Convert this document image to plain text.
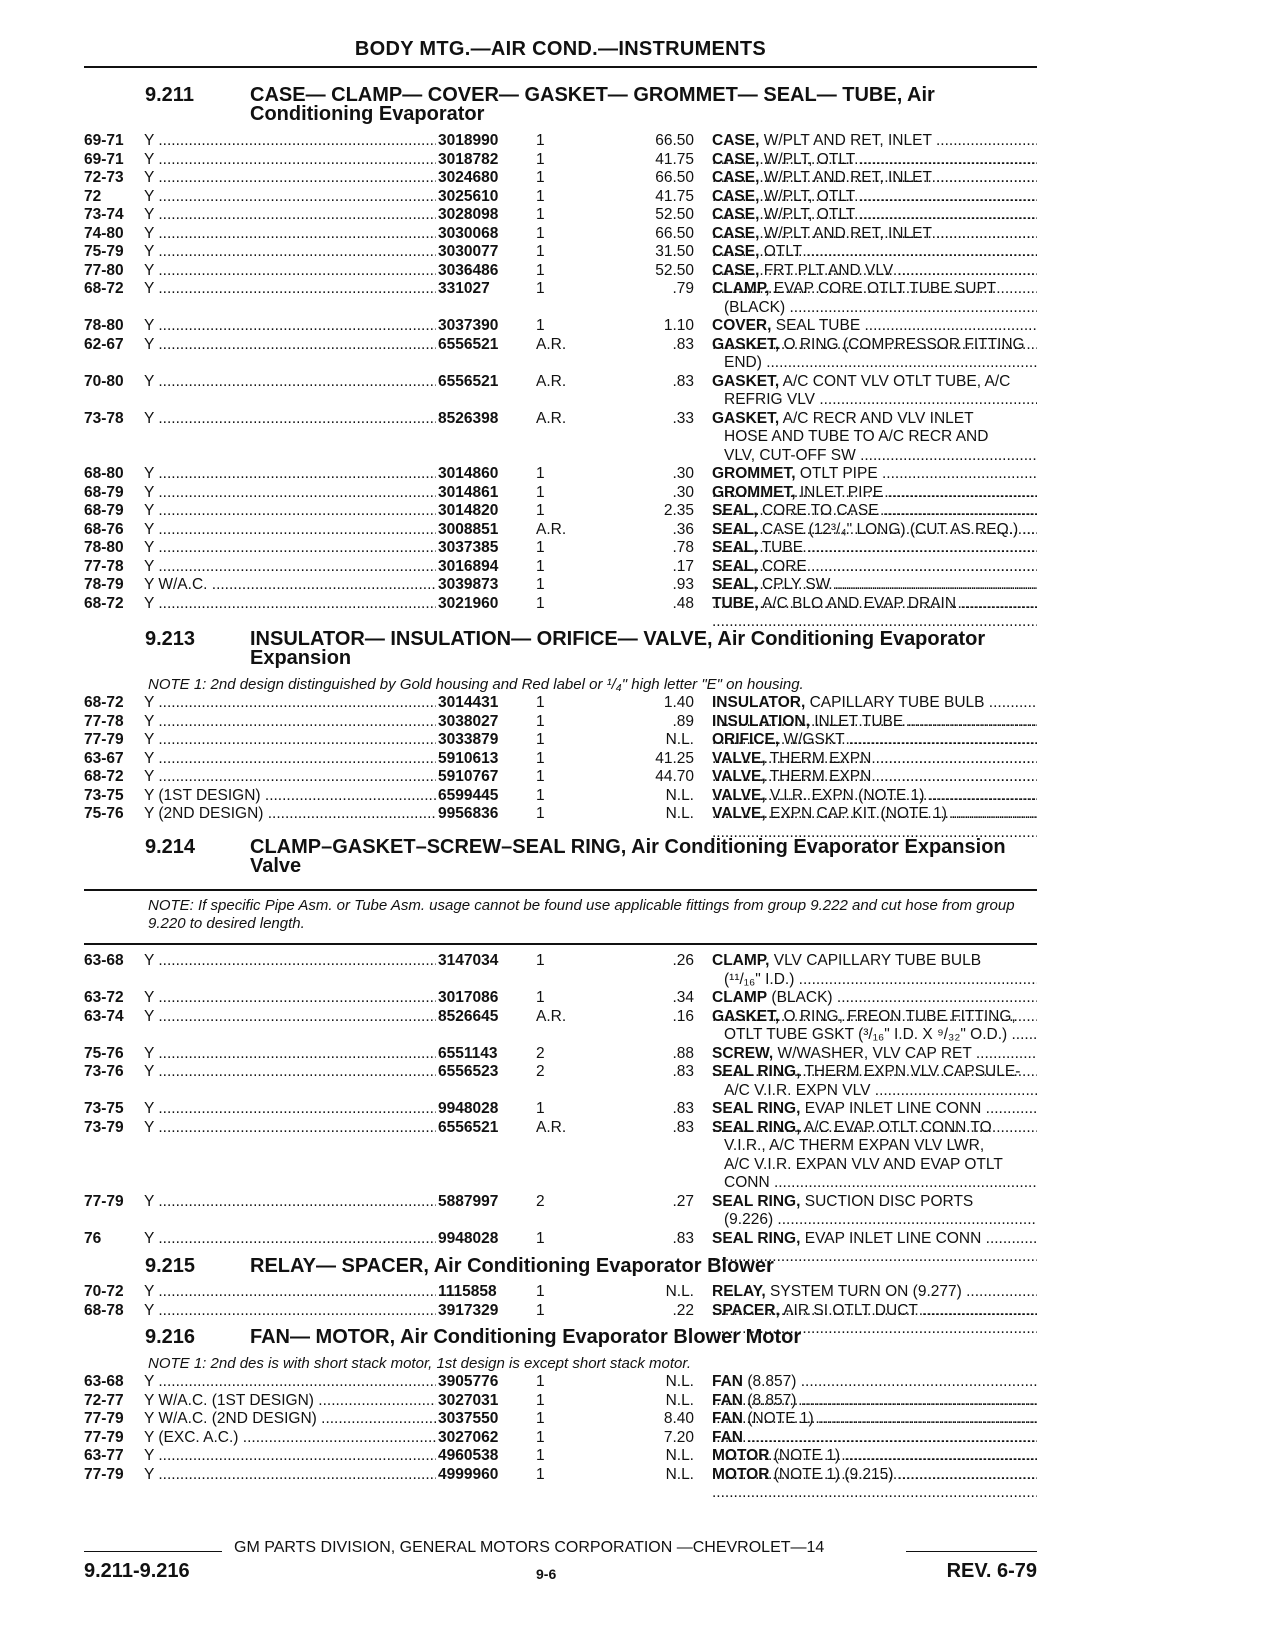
BODY MTG.—AIR COND.—INSTRUMENTS
9.211	CASE— CLAMP— COVER— GASKET— GROMMET— SEAL— TUBE, Air Conditioning Evaporator
69-71 Y .....	3018990	1	66.50 CASE, W/PLT AND RET, INLET .....
.....
69-71 Y .....	3018782	1	41.75 CASE, W/PLT, OTLT .....
.....
72-73 Y .....	3024680	1	66.50 CASE, W/PLT AND RET, INLET .....
.....
72	Y .....	3025610	1	41.75 CASE, W/PLT, OTLT .....
.....
73-74 Y .....	3028098	1	52.50 CASE, W/PLT, OTLT .....
.....
74-80 Y .....	3030068	1	66.50 CASE, W/PLT AND RET, INLET .....
.....
75-79 Y .....	3030077	1	31.50 CASE, OTLT .....
.....
77-80 Y .....	3036486	1	52.50 CASE, FRT PLT AND VLV .....
.....
68-72 Y .....	331027	1	.79 CLAMP, EVAP CORE OTLT TUBE SUPT
(BLACK) .....
78-80 Y .....	3037390	1	1.10 COVER, SEAL TUBE .....
.....
62-67 Y .....	6556521	A.R.	.83 GASKET, O RING (COMPRESSOR FITTING
END) .....
70-80 Y .....	6556521	A.R.	.83 GASKET, A/C CONT VLV OTLT TUBE, A/C
REFRIG VLV .....
73-78 Y .....	8526398	A.R.	.33 GASKET, A/C RECR AND VLV INLET
HOSE AND TUBE TO A/C RECR AND
VLV, CUT-OFF SW .....
68-80 Y .....	3014860	1	.30 GROMMET, OTLT PIPE .....
.....
68-79 Y .....	3014861	1	.30 GROMMET, INLET PIPE .....
.....
68-79 Y .....	3014820	1	2.35 SEAL, CORE TO CASE .....
.....
68-76 Y .....	3008851	A.R.	.36 SEAL, CASE (12³/₄" LONG) (CUT AS REQ.) .....
.....
78-80 Y .....	3037385	1	.78 SEAL, TUBE .....
.....
77-78 Y .....	3016894	1	.17 SEAL, CORE .....
.....
78-79 Y W/A.C. .....	3039873	1	.93 SEAL, CPLY SW .....
.....
68-72 Y .....	3021960	1	.48 TUBE, A/C BLO AND EVAP DRAIN .....
.....
9.213	INSULATOR— INSULATION— ORIFICE— VALVE, Air Conditioning Evaporator Expansion
NOTE 1: 2nd design distinguished by Gold housing and Red label or ¹/₄" high letter "E" on housing.
68-72 Y .....	3014431	1	1.40 INSULATOR, CAPILLARY TUBE BULB .....
.....
77-78 Y .....	3038027	1	.89 INSULATION, INLET TUBE .....
.....
77-79 Y .....	3033879	1	N.L. ORIFICE, W/GSKT .....
.....
63-67 Y .....	5910613	1	41.25 VALVE, THERM EXPN .....
.....
68-72 Y .....	5910767	1	44.70 VALVE, THERM EXPN .....
.....
73-75 Y (1ST DESIGN) .....	6599445	1	N.L. VALVE, V.I.R. EXPN (NOTE 1) .....
.....
75-76 Y (2ND DESIGN) .....	9956836	1	N.L. VALVE, EXPN CAP KIT (NOTE 1) .....
.....
9.214	CLAMP–GASKET–SCREW–SEAL RING, Air Conditioning Evaporator Expansion Valve
NOTE: If specific Pipe Asm. or Tube Asm. usage cannot be found use applicable fittings from group 9.222 and cut hose from group 9.220 to desired length.
63-68 Y .....	3147034	1	.26 CLAMP, VLV CAPILLARY TUBE BULB
(¹¹/₁₆" I.D.) .....
63-72 Y .....	3017086	1	.34 CLAMP (BLACK) .....
.....
63-74 Y .....	8526645	A.R.	.16 GASKET, O RING, FREON TUBE FITTING,
OTLT TUBE GSKT (³/₁₆" I.D. X ⁹/₃₂" O.D.) .....
75-76 Y .....	6551143	2	.88 SCREW, W/WASHER, VLV CAP RET .....
.....
73-76 Y .....	6556523	2	.83 SEAL RING, THERM EXPN VLV CAPSULE-
A/C V.I.R. EXPN VLV .....
73-75 Y .....	9948028	1	.83 SEAL RING, EVAP INLET LINE CONN .....
.....
73-79 Y .....	6556521	A.R.	.83 SEAL RING, A/C EVAP OTLT CONN TO
V.I.R., A/C THERM EXPAN VLV LWR,
A/C V.I.R. EXPAN VLV AND EVAP OTLT
CONN .....
77-79 Y .....	5887997	2	.27 SEAL RING, SUCTION DISC PORTS
(9.226) .....
76	Y .....	9948028	1	.83 SEAL RING, EVAP INLET LINE CONN .....
.....
9.215	RELAY— SPACER, Air Conditioning Evaporator Blower
70-72 Y .....	1115858	1	N.L. RELAY, SYSTEM TURN ON (9.277) .....
.....
68-78 Y .....	3917329	1	.22 SPACER, AIR SI OTLT DUCT .....
.....
9.216	FAN— MOTOR, Air Conditioning Evaporator Blower Motor
NOTE 1: 2nd des is with short stack motor, 1st design is except short stack motor.
63-68 Y .....	3905776	1	N.L. FAN (8.857) .....
.....
72-77 Y W/A.C. (1ST DESIGN) .....	3027031	1	N.L. FAN (8.857) .....
.....
77-79 Y W/A.C. (2ND DESIGN) .....	3037550	1	8.40 FAN (NOTE 1) .....
.....
77-79 Y (EXC. A.C.) .....	3027062	1	7.20 FAN .....
.....
63-77 Y .....	4960538	1	N.L. MOTOR (NOTE 1) .....
.....
77-79 Y .....	4999960	1	N.L. MOTOR (NOTE 1) (9.215) .....
.....
GM PARTS DIVISION, GENERAL MOTORS CORPORATION —CHEVROLET—14
9.211-9.216	9-6	REV. 6-79
